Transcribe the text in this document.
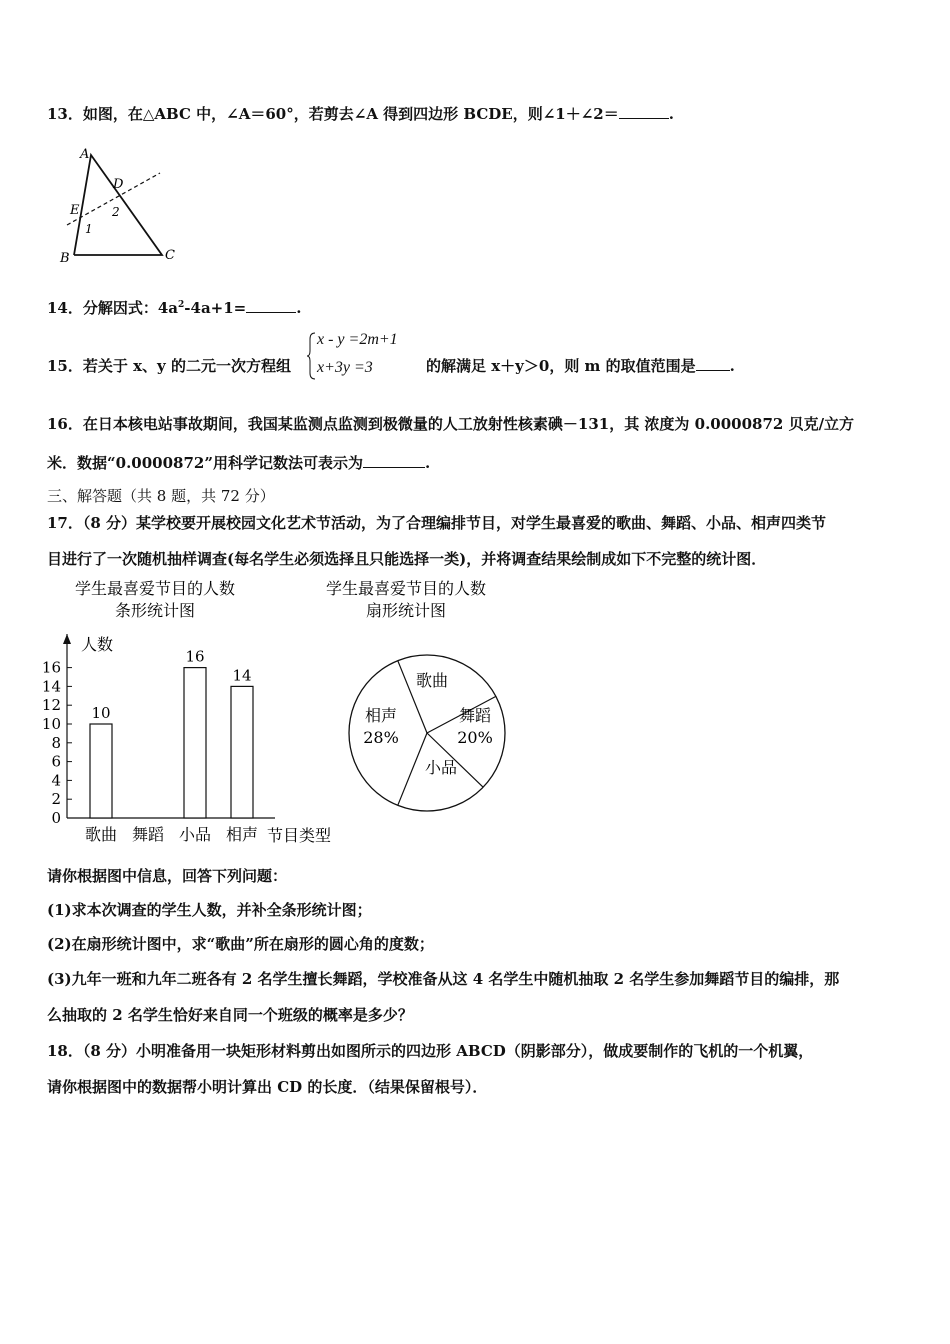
13．如图，在△ABC 中，∠A＝60°，若剪去∠A 得到四边形 BCDE，则∠1＋∠2＝	.
A
D
E	2
1
B	C
14．分解因式：$4a^2-4a+1=$	.
15．若关于 x、y 的二元一次方程组
x - y =2m+1
x+3y =3	的解满足 x＋y＞0，则 m 的取值范围是 .
16．在日本核电站事故期间，我国某监测点监测到极微量的人工放射性核素碘－131，其 浓度为 0.0000872 贝克/立方
米．数据“0.0000872”用科学记数法可表示为	.
三、解答题（共 8 题，共 72 分）
17．（8 分）某学校要开展校园文化艺术节活动，为了合理编排节目，对学生最喜爱的歌曲、舞蹈、小品、相声四类节
目进行了一次随机抽样调查(每名学生必须选择且只能选择一类)，并将调查结果绘制成如下不完整的统计图．
学生最喜爱节目的人数
条形统计图
人数
节目类型
0
2
4
6
8
10
12
14
16
歌曲 舞蹈 小品 相声
10
16
14
学生最喜爱节目的人数
扇形统计图
歌曲
舞蹈
20%
小品
相声
28%
请你根据图中信息，回答下列问题：
(1)求本次调查的学生人数，并补全条形统计图；
(2)在扇形统计图中，求“歌曲”所在扇形的圆心角的度数；
(3)九年一班和九年二班各有 2 名学生擅长舞蹈，学校准备从这 4 名学生中随机抽取 2 名学生参加舞蹈节目的编排，那
么抽取的 2 名学生恰好来自同一个班级的概率是多少？
18．（8 分）小明准备用一块矩形材料剪出如图所示的四边形 ABCD（阴影部分），做成要制作的飞机的一个机翼，
请你根据图中的数据帮小明计算出 CD 的长度．（结果保留根号）．
